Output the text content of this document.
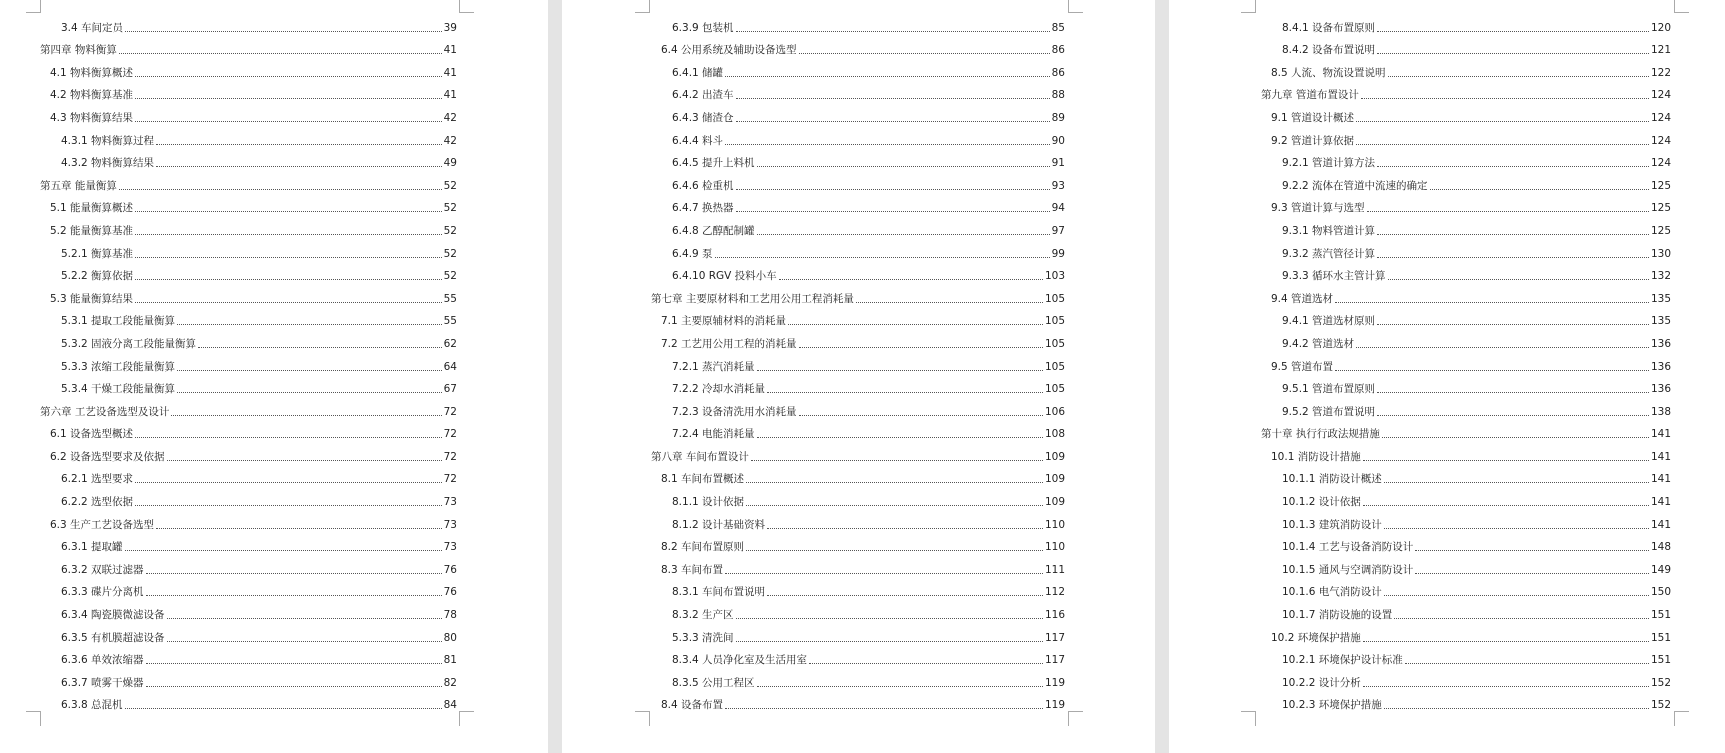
3.4 车间定员	39
第四章 物料衡算	41
4.1 物料衡算概述	41
4.2 物料衡算基准	41
4.3 物料衡算结果	42
4.3.1 物料衡算过程	42
4.3.2 物料衡算结果	49
第五章 能量衡算	52
5.1 能量衡算概述	52
5.2 能量衡算基准	52
5.2.1 衡算基准	52
5.2.2 衡算依据	52
5.3 能量衡算结果	55
5.3.1 提取工段能量衡算	55
5.3.2 固液分离工段能量衡算	62
5.3.3 浓缩工段能量衡算	64
5.3.4 干燥工段能量衡算	67
第六章 工艺设备选型及设计	72
6.1 设备选型概述	72
6.2 设备选型要求及依据	72
6.2.1 选型要求	72
6.2.2 选型依据	73
6.3 生产工艺设备选型	73
6.3.1 提取罐	73
6.3.2 双联过滤器	76
6.3.3 碟片分离机	76
6.3.4 陶瓷膜微滤设备	78
6.3.5 有机膜超滤设备	80
6.3.6 单效浓缩器	81
6.3.7 喷雾干燥器	82
6.3.8 总混机	84
6.3.9 包装机	85
6.4 公用系统及辅助设备选型	86
6.4.1 储罐	86
6.4.2 出渣车	88
6.4.3 储渣仓	89
6.4.4 料斗	90
6.4.5 提升上料机	91
6.4.6 检重机	93
6.4.7 换热器	94
6.4.8 乙醇配制罐	97
6.4.9 泵	99
6.4.10 RGV 投料小车	103
第七章 主要原材料和工艺用公用工程消耗量	105
7.1 主要原辅材料的消耗量	105
7.2 工艺用公用工程的消耗量	105
7.2.1 蒸汽消耗量	105
7.2.2 冷却水消耗量	105
7.2.3 设备清洗用水消耗量	106
7.2.4 电能消耗量	108
第八章 车间布置设计	109
8.1 车间布置概述	109
8.1.1 设计依据	109
8.1.2 设计基础资料	110
8.2 车间布置原则	110
8.3 车间布置	111
8.3.1 车间布置说明	112
8.3.2 生产区	116
5.3.3 清洗间	117
8.3.4 人员净化室及生活用室	117
8.3.5 公用工程区	119
8.4 设备布置	119
8.4.1 设备布置原则	120
8.4.2 设备布置说明	121
8.5 人流、物流设置说明	122
第九章 管道布置设计	124
9.1 管道设计概述	124
9.2 管道计算依据	124
9.2.1 管道计算方法	124
9.2.2 流体在管道中流速的确定	125
9.3 管道计算与选型	125
9.3.1 物料管道计算	125
9.3.2 蒸汽管径计算	130
9.3.3 循环水主管计算	132
9.4 管道选材	135
9.4.1 管道选材原则	135
9.4.2 管道选材	136
9.5 管道布置	136
9.5.1 管道布置原则	136
9.5.2 管道布置说明	138
第十章 执行行政法规措施	141
10.1 消防设计措施	141
10.1.1 消防设计概述	141
10.1.2 设计依据	141
10.1.3 建筑消防设计	141
10.1.4 工艺与设备消防设计	148
10.1.5 通风与空调消防设计	149
10.1.6 电气消防设计	150
10.1.7 消防设施的设置	151
10.2 环境保护措施	151
10.2.1 环境保护设计标准	151
10.2.2 设计分析	152
10.2.3 环境保护措施	152
